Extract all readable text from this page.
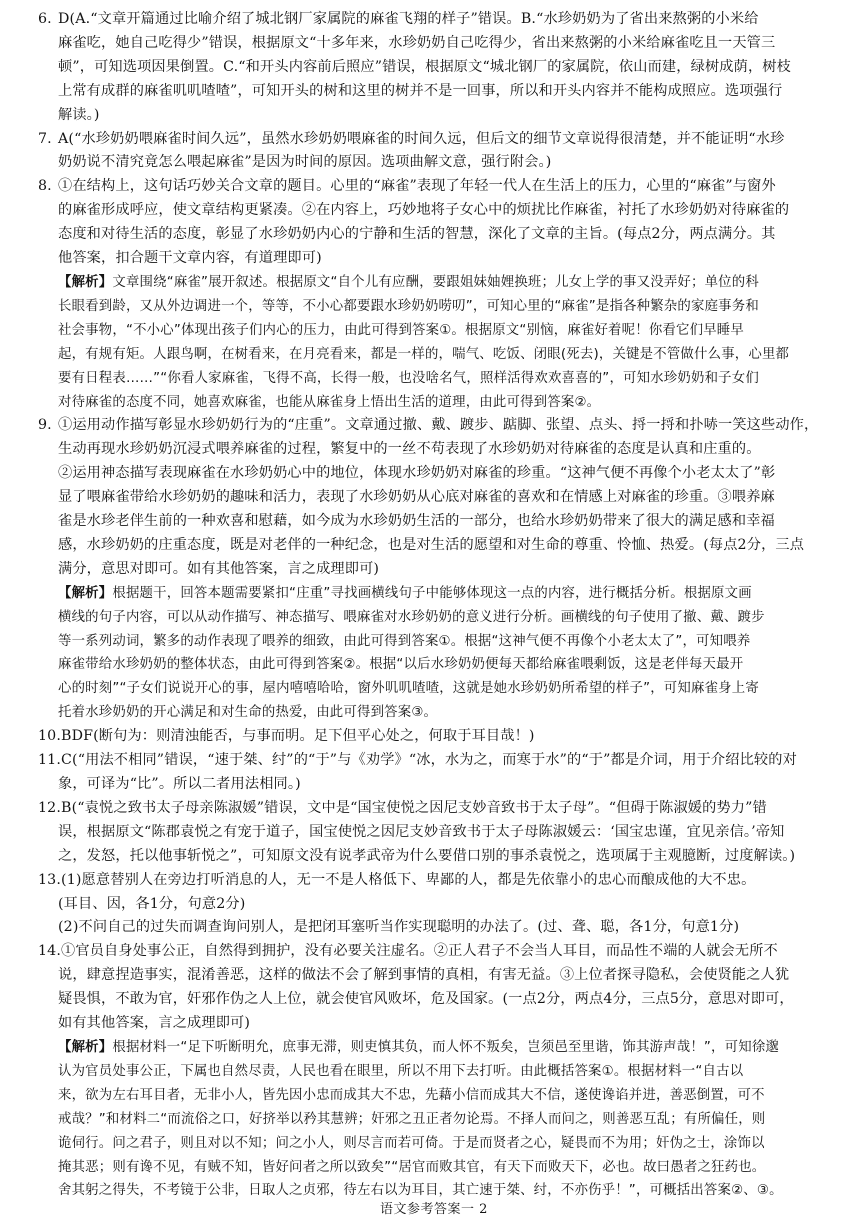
6. D(A.“文章开篇通过比喻介绍了城北钢厂家属院的麻雀飞翔的样子”错误。B.“水珍奶奶为了省出来熬粥的小米给
麻雀吃，她自己吃得少”错误，根据原文“十多年来，水珍奶奶自己吃得少，省出来熬粥的小米给麻雀吃且一天管三
顿”，可知选项因果倒置。C.“和开头内容前后照应”错误，根据原文“城北钢厂的家属院，依山而建，绿树成荫，树枝
上常有成群的麻雀叽叽喳喳”，可知开头的树和这里的树并不是一回事，所以和开头内容并不能构成照应。选项强行
解读。)
7. A(“水珍奶奶喂麻雀时间久远”，虽然水珍奶奶喂麻雀的时间久远，但后文的细节文章说得很清楚，并不能证明“水珍
奶奶说不清究竟怎么喂起麻雀”是因为时间的原因。选项曲解文意，强行附会。)
8. ①在结构上，这句话巧妙关合文章的题目。心里的“麻雀”表现了年轻一代人在生活上的压力，心里的“麻雀”与窗外
的麻雀形成呼应，使文章结构更紧凑。②在内容上，巧妙地将子女心中的烦扰比作麻雀，衬托了水珍奶奶对待麻雀的
态度和对待生活的态度，彰显了水珍奶奶内心的宁静和生活的智慧，深化了文章的主旨。(每点2分，两点满分。其
他答案，扣合题干文章内容，有道理即可)
【解析】文章围绕“麻雀”展开叙述。根据原文“自个儿有应酬，要跟姐妹妯娌换班；儿女上学的事又没弄好；单位的科
长眼看到龄，又从外边调进一个，等等，不小心都要跟水珍奶奶唠叨”，可知心里的“麻雀”是指各种繁杂的家庭事务和
社会事物，“不小心”体现出孩子们内心的压力，由此可得到答案①。根据原文“别恼，麻雀好着呢！你看它们早睡早
起，有规有矩。人跟鸟啊，在树看来，在月亮看来，都是一样的，喘气、吃饭、闭眼(死去)，关键是不管做什么事，心里都
要有日程表……”“你看人家麻雀，飞得不高，长得一般，也没啥名气，照样活得欢欢喜喜的”，可知水珍奶奶和子女们
对待麻雀的态度不同，她喜欢麻雀，也能从麻雀身上悟出生活的道理，由此可得到答案②。
9. ①运用动作描写彰显水珍奶奶行为的“庄重”。文章通过撤、戴、踱步、踮脚、张望、点头、捋一捋和扑哧一笑这些动作，
生动再现水珍奶奶沉浸式喂养麻雀的过程，繁复中的一丝不苟表现了水珍奶奶对待麻雀的态度是认真和庄重的。
②运用神态描写表现麻雀在水珍奶奶心中的地位，体现水珍奶奶对麻雀的珍重。“这神气便不再像个小老太太了”彰
显了喂麻雀带给水珍奶奶的趣味和活力，表现了水珍奶奶从心底对麻雀的喜欢和在情感上对麻雀的珍重。③喂养麻
雀是水珍老伴生前的一种欢喜和慰藉，如今成为水珍奶奶生活的一部分，也给水珍奶奶带来了很大的满足感和幸福
感，水珍奶奶的庄重态度，既是对老伴的一种纪念，也是对生活的愿望和对生命的尊重、怜恤、热爱。(每点2分，三点
满分，意思对即可。如有其他答案，言之成理即可)
【解析】根据题干，回答本题需要紧扣“庄重”寻找画横线句子中能够体现这一点的内容，进行概括分析。根据原文画
横线的句子内容，可以从动作描写、神态描写、喂麻雀对水珍奶奶的意义进行分析。画横线的句子使用了撤、戴、踱步
等一系列动词，繁多的动作表现了喂养的细致，由此可得到答案①。根据“这神气便不再像个小老太太了”，可知喂养
麻雀带给水珍奶奶的整体状态，由此可得到答案②。根据“以后水珍奶奶便每天都给麻雀喂剩饭，这是老伴每天最开
心的时刻”“子女们说说开心的事，屋内嘻嘻哈哈，窗外叽叽喳喳，这就是她水珍奶奶所希望的样子”，可知麻雀身上寄
托着水珍奶奶的开心满足和对生命的热爱，由此可得到答案③。
10.BDF(断句为：则清浊能否，与事而明。足下但平心处之，何取于耳目哉！)
11.C(“用法不相同”错误，“速于桀、纣”的“于”与《劝学》“冰，水为之，而寒于水”的“于”都是介词，用于介绍比较的对
象，可译为“比”。所以二者用法相同。)
12.B(“袁悦之致书太子母亲陈淑媛”错误，文中是“国宝使悦之因尼支妙音致书于太子母”。“但碍于陈淑媛的势力”错
误，根据原文“陈郡袁悦之有宠于道子，国宝使悦之因尼支妙音致书于太子母陈淑媛云：‘国宝忠谨，宜见亲信。’帝知
之，发怒，托以他事斩悦之”，可知原文没有说孝武帝为什么要借口别的事杀袁悦之，选项属于主观臆断，过度解读。)
13.(1)愿意替别人在旁边打听消息的人，无一不是人格低下、卑鄙的人，都是先依靠小的忠心而酿成他的大不忠。
(耳目、因，各1分，句意2分)
(2)不问自己的过失而调查询问别人，是把闭耳塞听当作实现聪明的办法了。(过、聋、聪，各1分，句意1分)
14.①官员自身处事公正，自然得到拥护，没有必要关注虚名。②正人君子不会当人耳目，而品性不端的人就会无所不
说，肆意捏造事实，混淆善恶，这样的做法不会了解到事情的真相，有害无益。③上位者探寻隐私，会使贤能之人犹
疑畏惧，不敢为官，奸邪作伪之人上位，就会使官风败坏，危及国家。(一点2分，两点4分，三点5分，意思对即可，
如有其他答案，言之成理即可)
【解析】根据材料一“足下听断明允，庶事无滞，则吏慎其负，而人怀不叛矣，岂须邑至里谐，饰其游声哉！”，可知徐邈
认为官员处事公正，下属也自然尽责，人民也看在眼里，所以不用下去打听。由此概括答案①。根据材料一“自古以
来，欲为左右耳目者，无非小人，皆先因小忠而成其大不忠，先藉小信而成其大不信，遂使谗谄并进，善恶倒置，可不
戒哉？”和材料二“而流俗之口，好挤举以矜其慧辨；奸邪之丑正者勿论焉。不择人而问之，则善恶互乱；有所偏任，则
诡伺行。问之君子，则且对以不知；问之小人，则尽言而若可倚。于是而贤者之心，疑畏而不为用；奸伪之士，涂饰以
掩其恶；则有谗不见，有贼不知，皆好问者之所以致矣”“居官而败其官，有天下而败天下，必也。故曰愚者之狂药也。
舍其躬之得失，不考镜于公非，日取人之贞邪，待左右以为耳目，其亡速于桀、纣，不亦伤乎！”，可概括出答案②、③。
语文参考答案一 2
